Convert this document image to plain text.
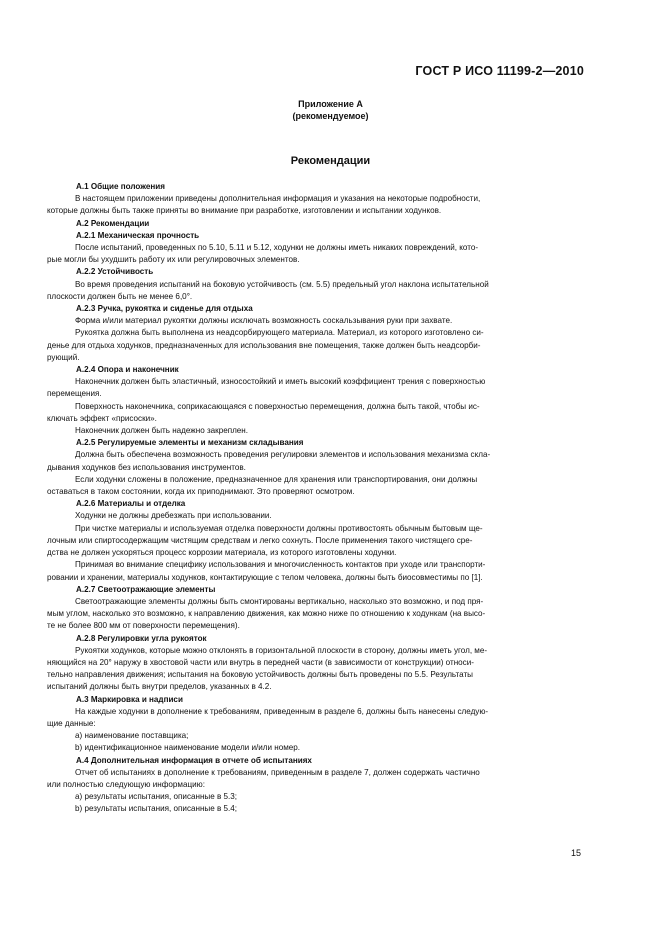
ГОСТ Р ИСО 11199-2—2010
Приложение А
(рекомендуемое)
Рекомендации
А.1 Общие положения
В настоящем приложении приведены дополнительная информация и указания на некоторые подробности,
которые должны быть также приняты во внимание при разработке, изготовлении и испытании ходунков.
А.2 Рекомендации
А.2.1 Механическая прочность
После испытаний, проведенных по 5.10, 5.11 и 5.12, ходунки не должны иметь никаких повреждений, кото-
рые могли бы ухудшить работу их или регулировочных элементов.
А.2.2 Устойчивость
Во время проведения испытаний на боковую устойчивость (см. 5.5) предельный угол наклона испытательной
плоскости должен быть не менее 6,0°.
А.2.3 Ручка, рукоятка и сиденье для отдыха
Форма и/или материал рукоятки должны исключать возможность соскальзывания руки при захвате.
Рукоятка должна быть выполнена из неадсорбирующего материала. Материал, из которого изготовлено си-
денье для отдыха ходунков, предназначенных для использования вне помещения, также должен быть неадсорби-
рующий.
А.2.4 Опора и наконечник
Наконечник должен быть эластичный, износостойкий и иметь высокий коэффициент трения с поверхностью
перемещения.
Поверхность наконечника, соприкасающаяся с поверхностью перемещения, должна быть такой, чтобы ис-
ключать эффект «присоски».
Наконечник должен быть надежно закреплен.
А.2.5 Регулируемые элементы и механизм складывания
Должна быть обеспечена возможность проведения регулировки элементов и использования механизма скла-
дывания ходунков без использования инструментов.
Если ходунки сложены в положение, предназначенное для хранения или транспортирования, они должны
оставаться в таком состоянии, когда их приподнимают. Это проверяют осмотром.
А.2.6 Материалы и отделка
Ходунки не должны дребезжать при использовании.
При чистке материалы и используемая отделка поверхности должны противостоять обычным бытовым ще-
лочным или спиртосодержащим чистящим средствам и легко сохнуть. После применения такого чистящего сре-
дства не должен ускоряться процесс коррозии материала, из которого изготовлены ходунки.
Принимая во внимание специфику использования и многочисленность контактов при уходе или транспорти-
ровании и хранении, материалы ходунков, контактирующие с телом человека, должны быть биосовместимы по [1].
А.2.7 Светоотражающие элементы
Светоотражающие элементы должны быть смонтированы вертикально, насколько это возможно, и под пря-
мым углом, насколько это возможно, к направлению движения, как можно ниже по отношению к ходункам (на высо-
те не более 800 мм от поверхности перемещения).
А.2.8 Регулировки угла рукояток
Рукоятки ходунков, которые можно отклонять в горизонтальной плоскости в сторону, должны иметь угол, ме-
няющийся на 20° наружу в хвостовой части или внутрь в передней части (в зависимости от конструкции) относи-
тельно направления движения; испытания на боковую устойчивость должны быть проведены по 5.5. Результаты
испытаний должны быть внутри пределов, указанных в 4.2.
А.3 Маркировка и надписи
На каждые ходунки в дополнение к требованиям, приведенным в разделе 6, должны быть нанесены следую-
щие данные:
a) наименование поставщика;
b) идентификационное наименование модели и/или номер.
А.4 Дополнительная информация в отчете об испытаниях
Отчет об испытаниях в дополнение к требованиям, приведенным в разделе 7, должен содержать частично
или полностью следующую информацию:
a) результаты испытания, описанные в 5.3;
b) результаты испытания, описанные в 5.4;
15
